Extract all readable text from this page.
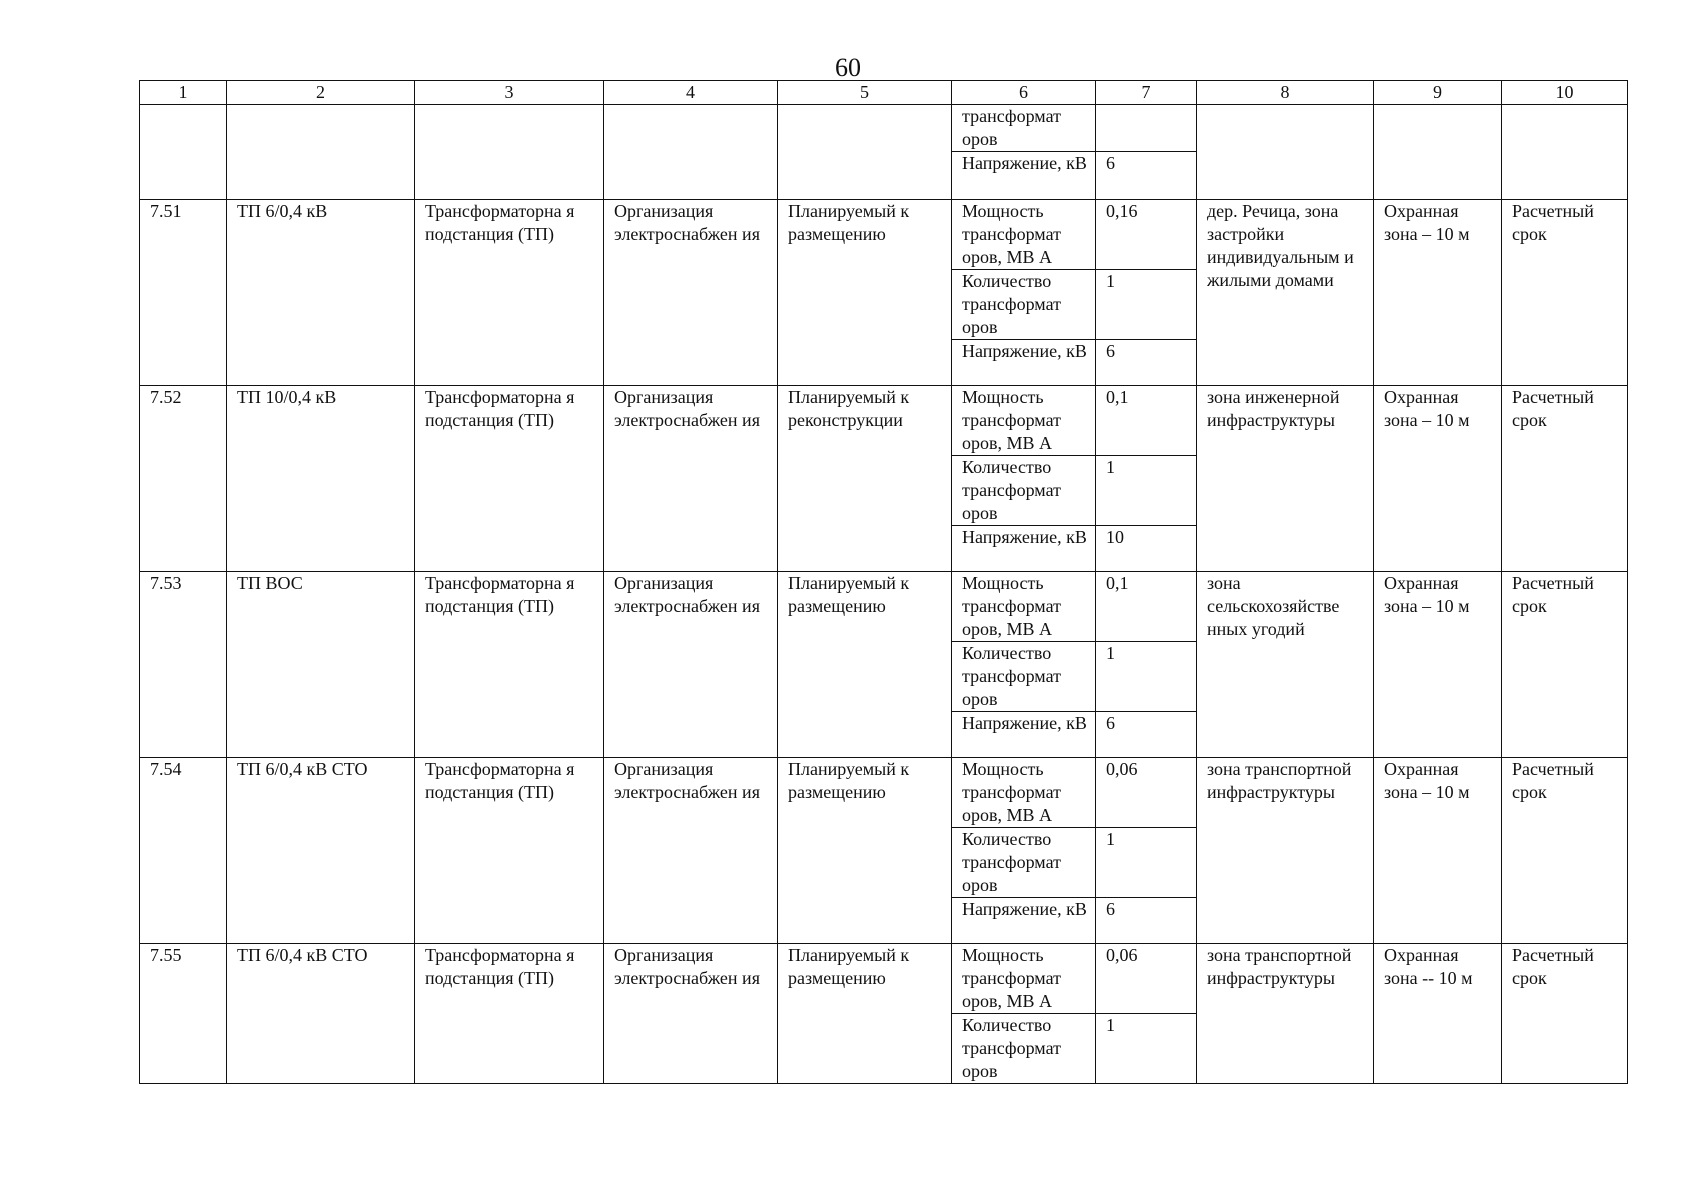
60
1	2	3	4	5	6	7	8	9	10
					трансформат оров				
					Напряжение, кВ	6			
7.51	ТП 6/0,4 кВ	Трансформаторна я подстанция (ТП)	Организация электроснабжен ия	Планируемый к размещению	Мощность трансформат оров, МВ А	0,16	дер. Речица, зона застройки индивидуальным и жилыми домами	Охранная зона – 10 м	Расчетный срок
					Количество трансформат оров	1			
					Напряжение, кВ	6			
7.52	ТП 10/0,4 кВ	Трансформаторна я подстанция (ТП)	Организация электроснабжен ия	Планируемый к реконструкции	Мощность трансформат оров, МВ А	0,1	зона инженерной инфраструктуры	Охранная зона – 10 м	Расчетный срок
					Количество трансформат оров	1			
					Напряжение, кВ	10			
7.53	ТП ВОС	Трансформаторна я подстанция (ТП)	Организация электроснабжен ия	Планируемый к размещению	Мощность трансформат оров, МВ А	0,1	зона сельскохозяйстве нных угодий	Охранная зона – 10 м	Расчетный срок
					Количество трансформат оров	1			
					Напряжение, кВ	6			
7.54	ТП 6/0,4 кВ СТО	Трансформаторна я подстанция (ТП)	Организация электроснабжен ия	Планируемый к размещению	Мощность трансформат оров, МВ А	0,06	зона транспортной инфраструктуры	Охранная зона – 10 м	Расчетный срок
					Количество трансформат оров	1			
					Напряжение, кВ	6			
7.55	ТП 6/0,4 кВ СТО	Трансформаторна я подстанция (ТП)	Организация электроснабжен ия	Планируемый к размещению	Мощность трансформат оров, МВ А	0,06	зона транспортной инфраструктуры	Охранная зона -- 10 м	Расчетный срок
					Количество трансформат оров	1			
